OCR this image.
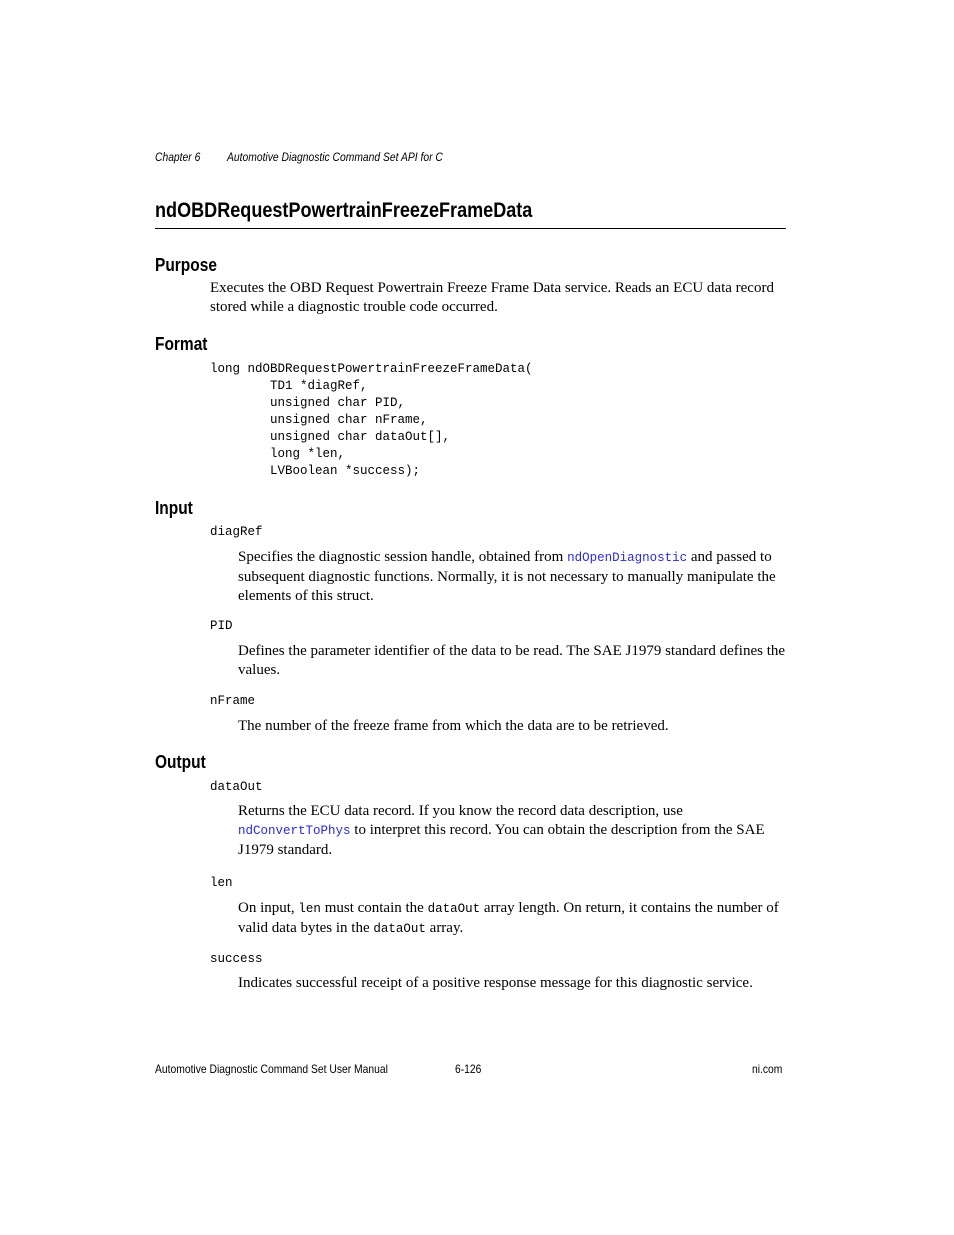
Chapter 6 Automotive Diagnostic Command Set API for C
ndOBDRequestPowertrainFreezeFrameData
Purpose
Executes the OBD Request Powertrain Freeze Frame Data service. Reads an ECU data record stored while a diagnostic trouble code occurred.
Format
long ndOBDRequestPowertrainFreezeFrameData(
TD1 *diagRef,
unsigned char PID,
unsigned char nFrame,
unsigned char dataOut[],
long *len,
LVBoolean *success);
Input
diagRef
Specifies the diagnostic session handle, obtained from ndOpenDiagnostic and passed to subsequent diagnostic functions. Normally, it is not necessary to manually manipulate the elements of this struct.
PID
Defines the parameter identifier of the data to be read. The SAE J1979 standard defines the values.
nFrame
The number of the freeze frame from which the data are to be retrieved.
Output
dataOut
Returns the ECU data record. If you know the record data description, use ndConvertToPhys to interpret this record. You can obtain the description from the SAE J1979 standard.
len
On input, len must contain the dataOut array length. On return, it contains the number of valid data bytes in the dataOut array.
success
Indicates successful receipt of a positive response message for this diagnostic service.
Automotive Diagnostic Command Set User Manual	6-126	ni.com
